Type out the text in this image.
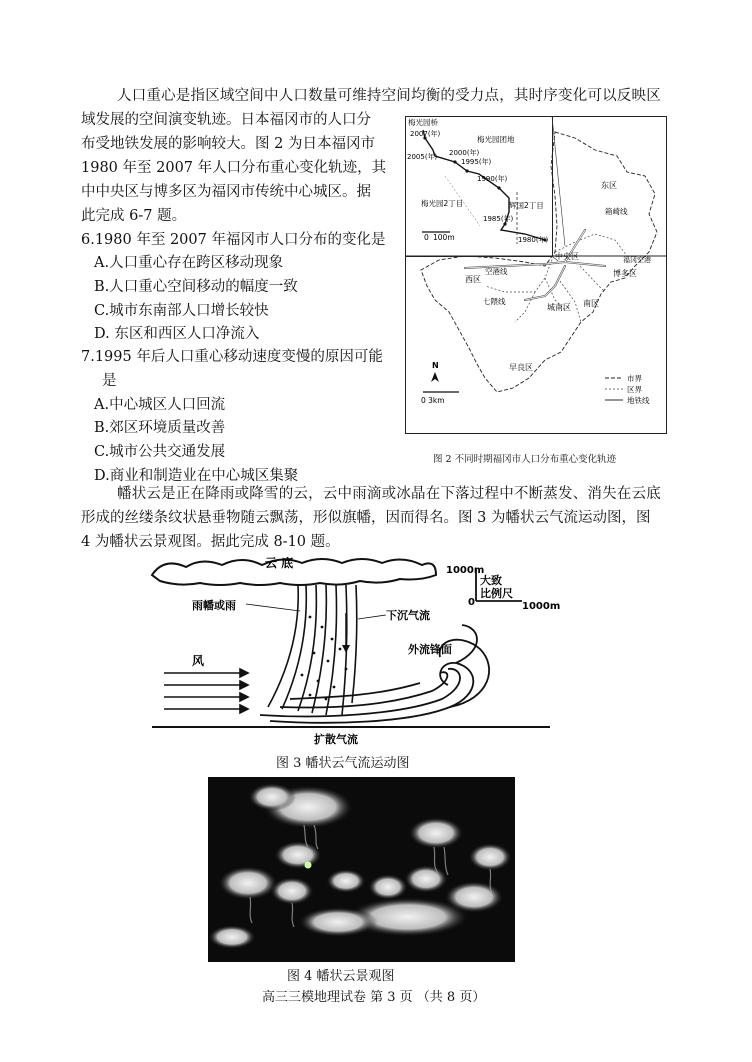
人口重心是指区域空间中人口数量可维持空间均衡的受力点，其时序变化可以反映区
域发展的空间演变轨迹。日本福冈市的人口分
布受地铁发展的影响较大。图 2 为日本福冈市
1980 年至 2007 年人口分布重心变化轨迹，其
中中央区与博多区为福冈市传统中心城区。据
此完成 6-7 题。
6.1980 年至 2007 年福冈市人口分布的变化是
A.人口重心存在跨区移动现象
B.人口重心空间移动的幅度一致
C.城市东南部人口增长较快
D. 东区和西区人口净流入
7.1995 年后人口重心移动速度变慢的原因可能
是
A.中心城区人口回流
B.郊区环境质量改善
C.城市公共交通发展
D.商业和制造业在中心城区集聚
梅光园桥
2007(年)
梅光园团地
2005(年) 2000(年)
1995(年)
1990(年)
梅光园2丁目	辉国2丁目
1985(年)
1980(年)
0 100m
东区
箱崎线
中央区	福冈空港
博多区
西区
空港线
七隈线
城南区 南区
早良区
N
0 3km
市界
区界
地铁线
图 2 不同时期福冈市人口分布重心变化轨迹
幡状云是正在降雨或降雪的云，云中雨滴或冰晶在下落过程中不断蒸发、消失在云底
形成的丝缕条纹状悬垂物随云飘荡，形似旗幡，因而得名。图 3 为幡状云气流运动图，图
4 为幡状云景观图。据此完成 8-10 题。
云 底
风
雨幡或雨
下沉气流
外流锋面
扩散气流
1000m
大致
比例尺
0	1000m
图 3 幡状云气流运动图
图 4 幡状云景观图
高三三模地理试卷 第 3 页 （共 8 页）
